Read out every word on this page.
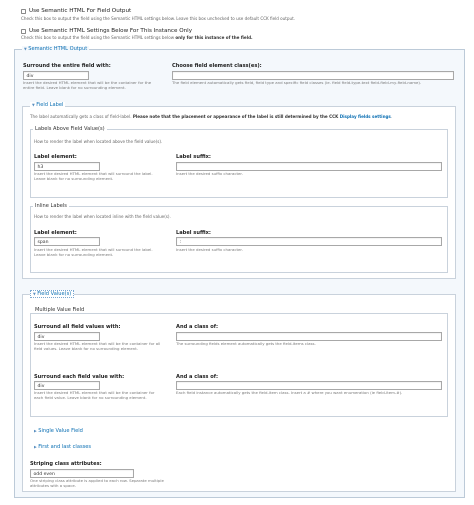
Use Semantic HTML For Field Output
Check this box to output the field using the Semantic HTML settings below. Leave this box unchecked to use default CCK field output.
Use Semantic HTML Settings Below For This Instance Only
Check this box to output the field using the Semantic HTML settings below only for this instance of the field.
▼ Semantic HTML Output
Surround the entire field with:
div
Insert the desired HTML element that will be the container for the entire field. Leave blank for no surrounding element.
Choose field element class(es):
The field element automatically gets field, field type and specific field classes (ie. field field-type-text field-field-my-field-name).
▼ Field Label
The label automatically gets a class of field-label. Please note that the placement or appearance of the label is still determined by the CCK Display fields settings.
Labels Above Field Value(s)
How to render the label when located above the field value(s).
Label element:
h3
Insert the desired HTML element that will surround the label. Leave blank for no surrounding element.
Label suffix:
Insert the desired suffix character.
Inline Labels
How to render the label when located inline with the field value(s).
Label element:
span
Insert the desired HTML element that will surround the label. Leave blank for no surrounding element.
Label suffix:
:
Insert the desired suffix character.
▼ Field Value(s)
Multiple Value Field
Surround all field values with:
div
Insert the desired HTML element that will be the container for all field values. Leave blank for no surrounding element.
And a class of:
The surrounding fields element automatically gets the field-items class.
Surround each field value with:
div
Insert the desired HTML element that will be the container for each field value. Leave blank for no surrounding element.
And a class of:
Each field instance automatically gets the field-item class. Insert a # where you want enumeration (ie field-item-#).
▶ Single Value Field
▶ First and last classes
Striping class attributes:
odd even
One striping class attribute is applied to each row. Separate multiple attributes with a space.
